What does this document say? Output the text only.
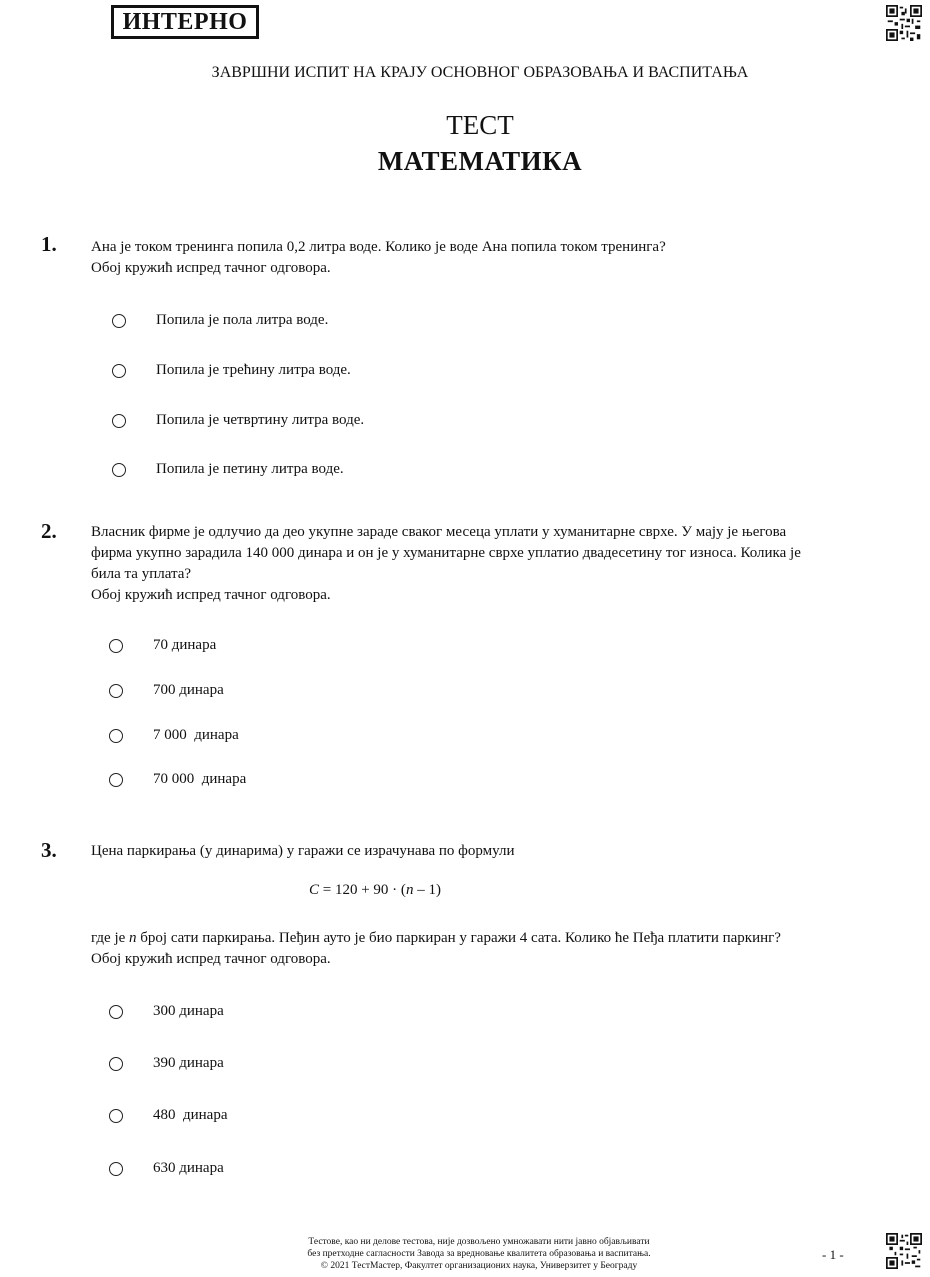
ИНТЕРНО
ЗАВРШНИ ИСПИТ НА КРАЈУ ОСНОВНОГ ОБРАЗОВАЊА И ВАСПИТАЊА
ТЕСТ
МАТЕМАТИКА
1. Ана је током тренинга попила 0,2 литра воде. Колико је воде Ана попила током тренинга?

Обој кружић испред тачног одговора.

Попила је пола литра воде.
Попила је трећину литра воде.
Попила је четвртину литра воде.
Попила је петину литра воде.
2. Власник фирме је одлучио да део укупне зараде сваког месеца уплати у хуманитарне сврхе. У мају је његова

фирма укупно зарадила 140 000 динара и он је у хуманитарне сврхе уплатио двадесетину тог износа. Колика је

била та уплата?

Обој кружић испред тачног одговора.

70 динара
700 динара
7 000  динара
70 000  динара
3. Цена паркирања (у динарима) у гаражи се израчунава по формули
C = 120 + 90 · (n – 1)

где је n број сати паркирања. Пеђин ауто је био паркиран у гаражи 4 сата. Колико ће Пеђа платити паркинг?

Обој кружић испред тачног одговора.

300 динара
390 динара
480  динара
630 динара
Тестове, као ни делове тестова, није дозвољено умножавати нити јавно објављивати
без претходне сагласности Завода за вредновање квалитета образовања и васпитања.
© 2021 ТестМастер, Факултет организационих наука, Универзитет у Београду
- 1 -
